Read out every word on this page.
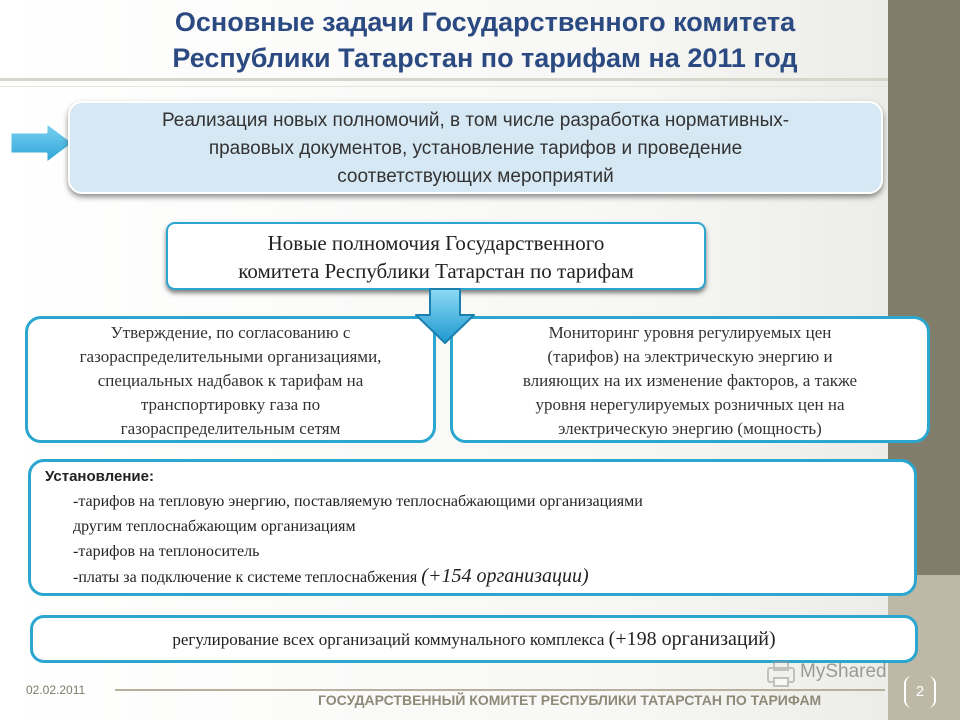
Основные задачи Государственного комитета
Республики Татарстан по тарифам на 2011 год
Реализация новых полномочий, в том числе разработка нормативных-
правовых документов, установление тарифов и проведение
соответствующих мероприятий
Новые полномочия Государственного
комитета Республики Татарстан по тарифам
Утверждение, по согласованию с
газораспределительными организациями,
специальных надбавок к тарифам на
транспортировку газа по
газораспределительным сетям
Мониторинг уровня регулируемых цен
(тарифов) на электрическую энергию и
влияющих на их изменение факторов, а также
уровня нерегулируемых розничных цен на
электрическую энергию (мощность)
Установление:
-тарифов на тепловую энергию, поставляемую теплоснабжающими организациями
другим теплоснабжающим организациям
-тарифов на теплоноситель
-платы за подключение к системе теплоснабжения (+154 организации)
регулирование всех организаций коммунального комплекса (+198 организаций)
MyShared
02.02.2011
ГОСУДАРСТВЕННЫЙ КОМИТЕТ РЕСПУБЛИКИ ТАТАРСТАН ПО ТАРИФАМ	2
